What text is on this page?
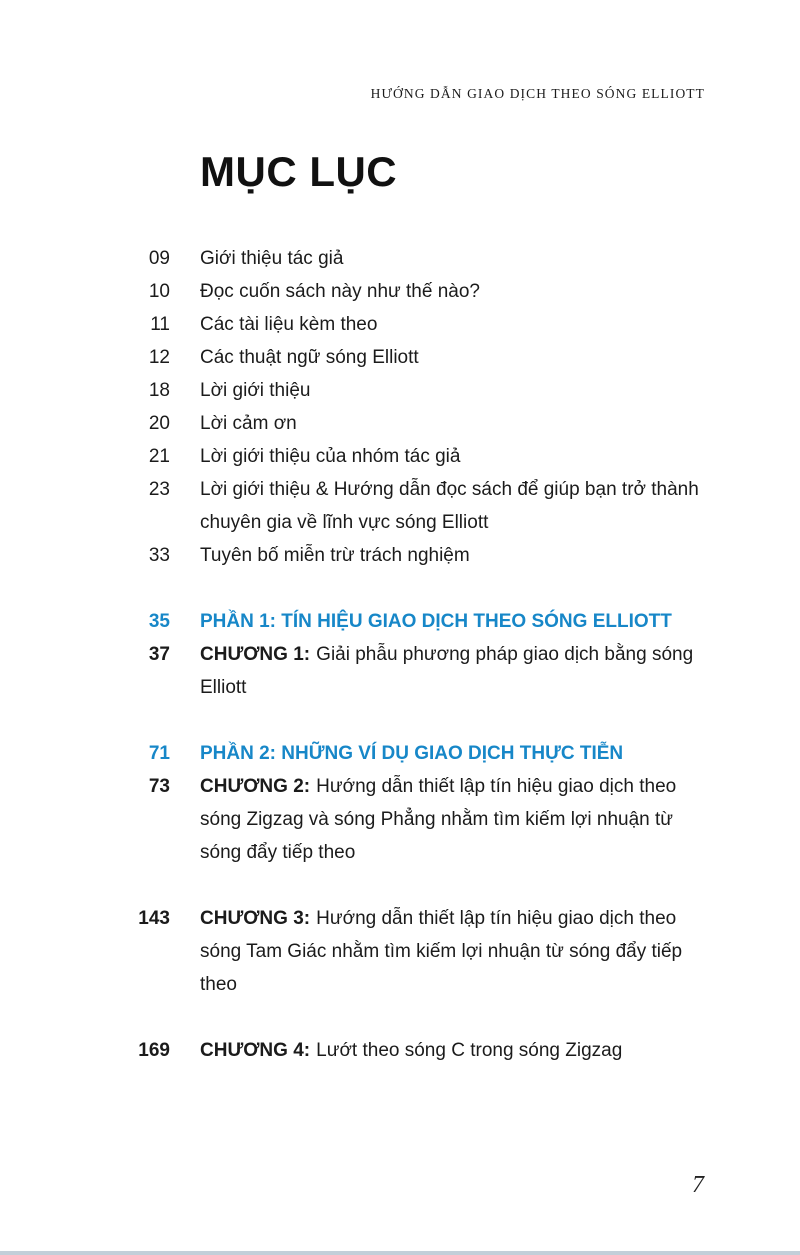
HƯỚNG DẪN GIAO DỊCH THEO SÓNG ELLIOTT
MỤC LỤC
09 Giới thiệu tác giả
10 Đọc cuốn sách này như thế nào?
11 Các tài liệu kèm theo
12 Các thuật ngữ sóng Elliott
18 Lời giới thiệu
20 Lời cảm ơn
21 Lời giới thiệu của nhóm tác giả
23 Lời giới thiệu & Hướng dẫn đọc sách để giúp bạn trở thành chuyên gia về lĩnh vực sóng Elliott
33 Tuyên bố miễn trừ trách nghiệm
35 PHẦN 1: TÍN HIỆU GIAO DỊCH THEO SÓNG ELLIOTT
37 CHƯƠNG 1: Giải phẫu phương pháp giao dịch bằng sóng Elliott
71 PHẦN 2: NHỮNG VÍ DỤ GIAO DỊCH THỰC TIỄN
73 CHƯƠNG 2: Hướng dẫn thiết lập tín hiệu giao dịch theo sóng Zigzag và sóng Phẳng nhằm tìm kiếm lợi nhuận từ sóng đẩy tiếp theo
143 CHƯƠNG 3: Hướng dẫn thiết lập tín hiệu giao dịch theo sóng Tam Giác nhằm tìm kiếm lợi nhuận từ sóng đẩy tiếp theo
169 CHƯƠNG 4: Lướt theo sóng C trong sóng Zigzag
7
